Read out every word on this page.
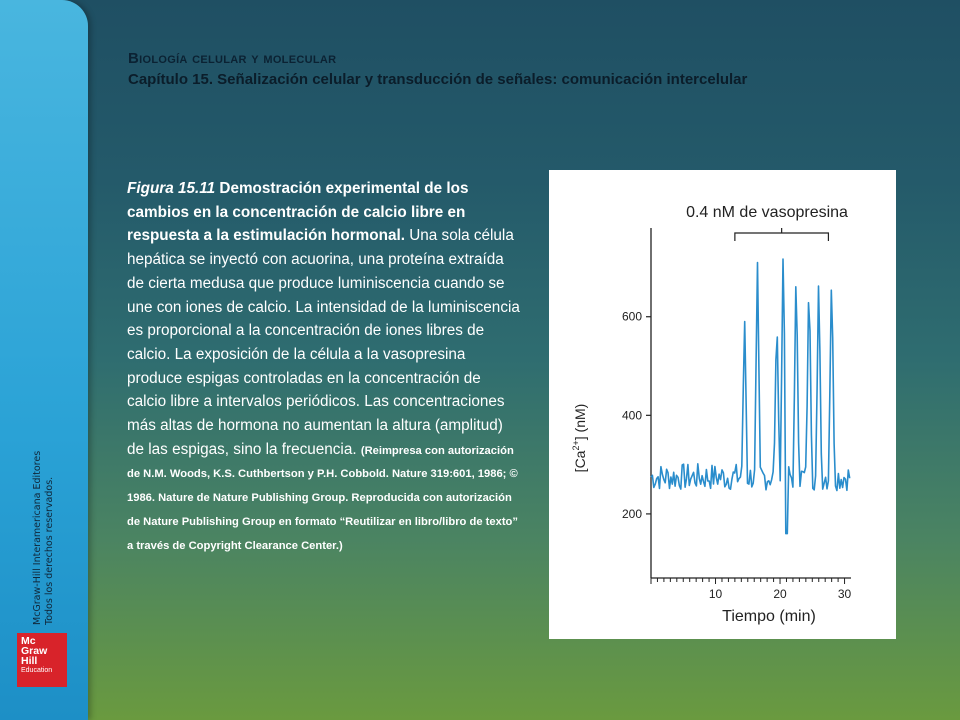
McGraw-Hill Interamericana Editores Todos los derechos reservados.
Mc
Graw
Hill
Education
Biología celular y molecular
Capítulo 15. Señalización celular y transducción de señales: comunicación intercelular
Figura 15.11 Demostración experimental de los cambios en la concentración de calcio libre en respuesta a la estimulación hormonal. Una sola célula hepática se inyectó con acuorina, una proteína extraída de cierta medusa que produce luminiscencia cuando se une con iones de calcio. La intensidad de la luminiscencia es proporcional a la concentración de iones libres de calcio. La exposición de la célula a la vasopresina produce espigas controladas en la concentración de calcio libre a intervalos periódicos. Las concentraciones más altas de hormona no aumentan la altura (amplitud) de las espigas, sino la frecuencia. (Reimpresa con autorización de N.M. Woods, K.S. Cuthbertson y P.H. Cobbold. Nature 319:601, 1986; © 1986. Nature de Nature Publishing Group. Reproducida con autorización de Nature Publishing Group en formato “Reutilizar en libro/libro de texto” a través de Copyright Clearance Center.)
0.4 nM de vasopresina
200
400
600
10	20	30
$[Ca^{2+}]$ (nM)
Tiempo (min)
